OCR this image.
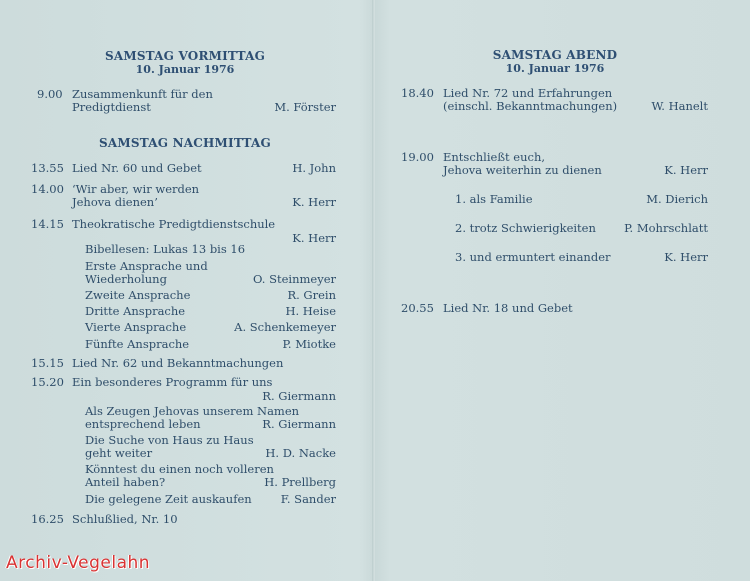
SAMSTAG VORMITTAG
10. Januar 1976
9.00 Zusammenkunft für den
Predigtdienst	M. Förster
SAMSTAG NACHMITTAG
13.55 Lied Nr. 60 und Gebet	H. John
14.00 ‘Wir aber, wir werden
Jehova dienen’	K. Herr
14.15 Theokratische Predigtdienstschule
K. Herr
Bibellesen: Lukas 13 bis 16
Erste Ansprache und
Wiederholung	O. Steinmeyer
Zweite Ansprache	R. Grein
Dritte Ansprache	H. Heise
Vierte Ansprache	A. Schenkemeyer
Fünfte Ansprache	P. Miotke
15.15 Lied Nr. 62 und Bekanntmachungen
15.20 Ein besonderes Programm für uns
R. Giermann
Als Zeugen Jehovas unserem Namen
entsprechend leben	R. Giermann
Die Suche von Haus zu Haus
geht weiter	H. D. Nacke
Könntest du einen noch volleren
Anteil haben?	H. Prellberg
Die gelegene Zeit auskaufen	F. Sander
16.25 Schlußlied, Nr. 10
SAMSTAG ABEND
10. Januar 1976
18.40 Lied Nr. 72 und Erfahrungen
(einschl. Bekanntmachungen)	W. Hanelt
19.00 Entschließt euch,
Jehova weiterhin zu dienen	K. Herr
1. als Familie	M. Dierich
2. trotz Schwierigkeiten	P. Mohrschlatt
3. und ermuntert einander	K. Herr
20.55 Lied Nr. 18 und Gebet
Archiv-Vegelahn
